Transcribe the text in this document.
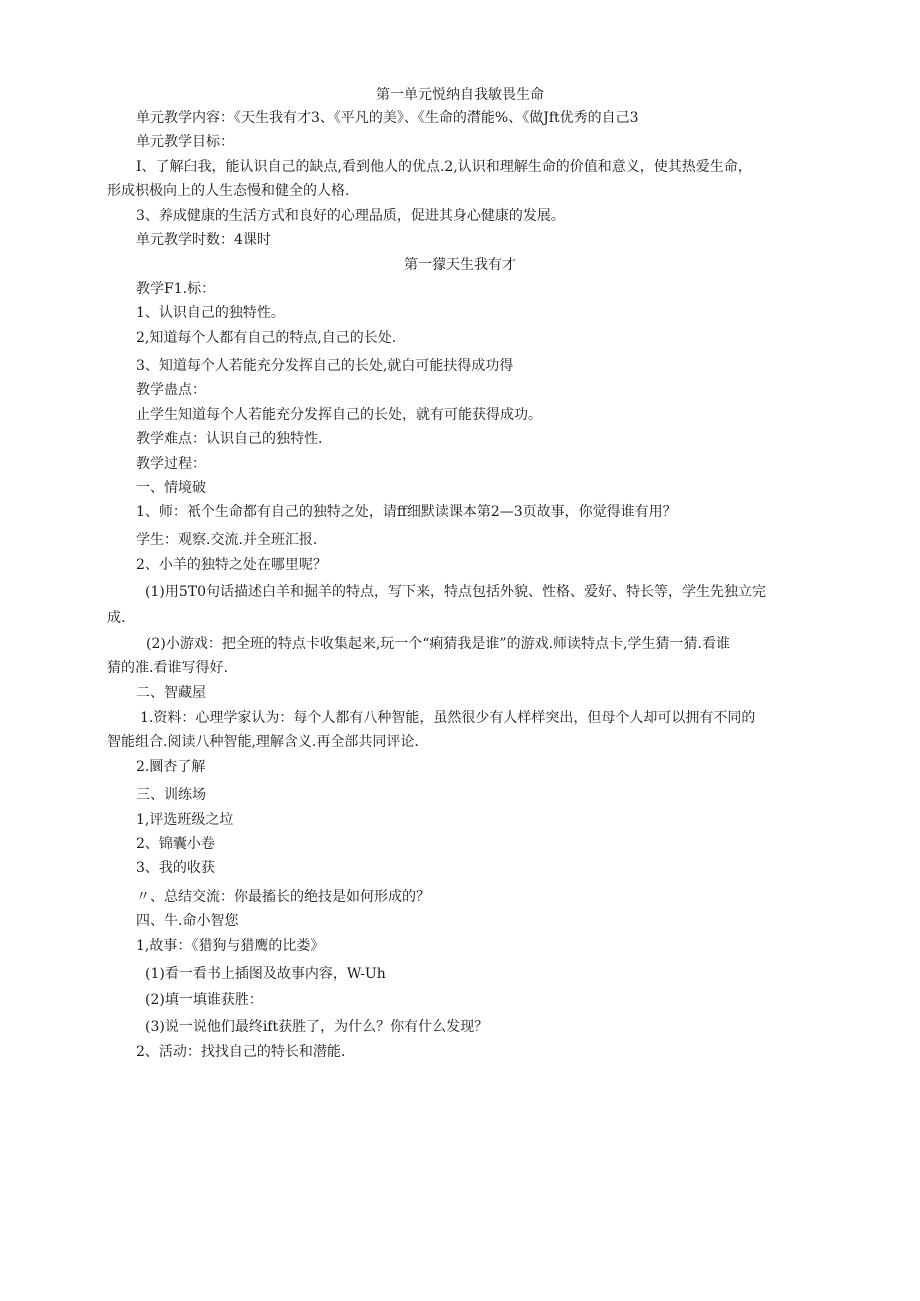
第一单元悦纳自我敏畏生命
单元教学内容：《天生我有才3、《平凡的美》、《生命的潸能%、《做Jft优秀的自己3
单元教学目标：
I、了解臼我，能认识自己的缺点,看到他人的优点.2,认识和理解生命的价值和意义，使其热爱生命，
形成枳极向上的人生态慢和健全的人格.
3、养成健康的生活方式和良好的心理品质，促进其身心健康的发展。
单元教学时数：4课时
第一獴天生我有才
教学F1.标：
1、认识自己的独特性。
2,知道每个人都有自己的特点,自己的长处.
3、知道每个人若能充分发挥自己的长处,就白可能扶得成功得
教学蛊点：
止学生知道每个人若能充分发挥自己的长处，就有可能获得成功。
教学难点：认识自己的独特性.
教学过程：
一、情境破
1、师：衹个生命都有自己的独特之处，请ff细默读课本第2—3页故事，你觉得谁有用？
学生：观察.交流.并全班汇报.
2、小羊的独特之处在哪里呢？
(1)用5T0句话描述白羊和掘羊的特点，写下来，特点包括外貌、性格、爱好、特长等，学生先独立完
成.
(2)小游戏：把全班的特点卡收集起来,玩一个“痢猜我是谁”的游戏.师读特点卡,学生猜一猜.看谁
猜的准.看谁写得好.
二、智藏屋
1.资料：心理学家认为：每个人都有八种智能，虽然很少有人样样突出，但母个人却可以拥有不同的
智能组合.阅读八种智能,理解含义.再全部共同评论.
2.圜杏了解
三、训练场
1,评选班级之垃
2、锦囊小卷
3、我的收获
〃、总结交流：你最搐长的绝技是如何形成的？
四、牛.命小智您
1,故事：《猎狗与猎鹰的比娄》
(1)看一看书上插图及故事内容，W-Uh
(2)填一填谁获胜：
(3)说一说他们最终ift获胜了，为什么？你有什么发现？
2、活动：找找自己的特长和潜能.
